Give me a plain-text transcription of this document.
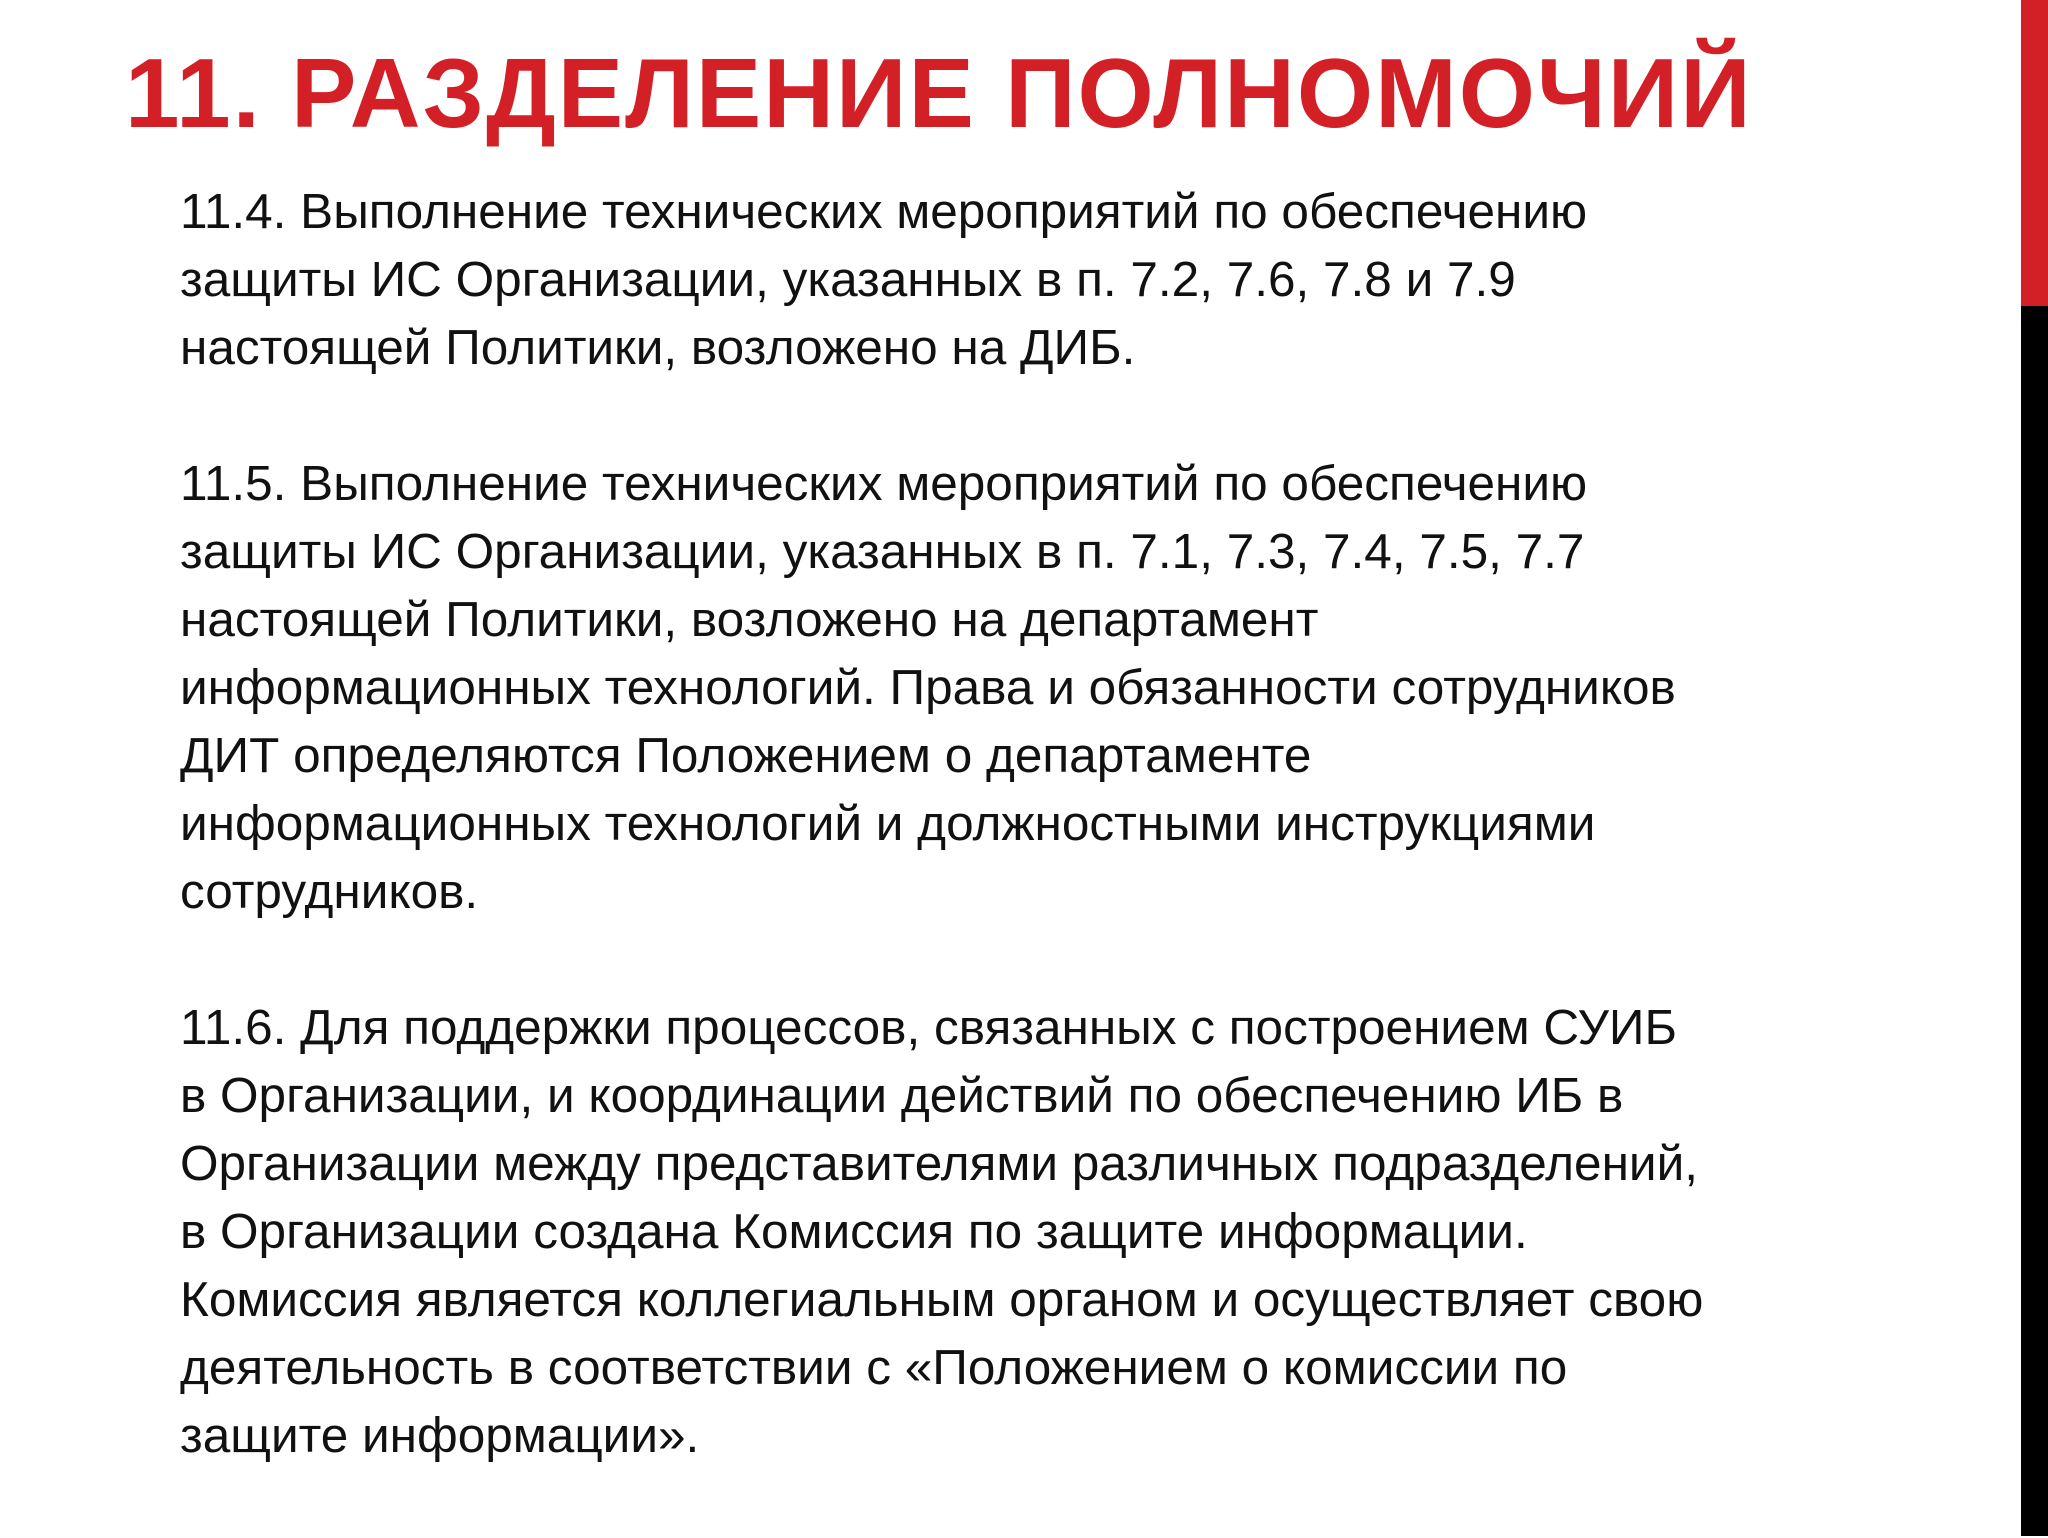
11. РАЗДЕЛЕНИЕ ПОЛНОМОЧИЙ

11.4. Выполнение технических мероприятий по обеспечению
защиты ИС Организации, указанных в п. 7.2, 7.6, 7.8 и 7.9
настоящей Политики, возложено на ДИБ.

11.5. Выполнение технических мероприятий по обеспечению
защиты ИС Организации, указанных в п. 7.1, 7.3, 7.4, 7.5, 7.7
настоящей Политики, возложено на департамент
информационных технологий. Права и обязанности сотрудников
ДИТ определяются Положением о департаменте
информационных технологий и должностными инструкциями
сотрудников.

11.6. Для поддержки процессов, связанных с построением СУИБ
в Организации, и координации действий по обеспечению ИБ в
Организации между представителями различных подразделений,
в Организации создана Комиссия по защите информации.
Комиссия является коллегиальным органом и осуществляет свою
деятельность в соответствии с «Положением о комиссии по
защите информации».
